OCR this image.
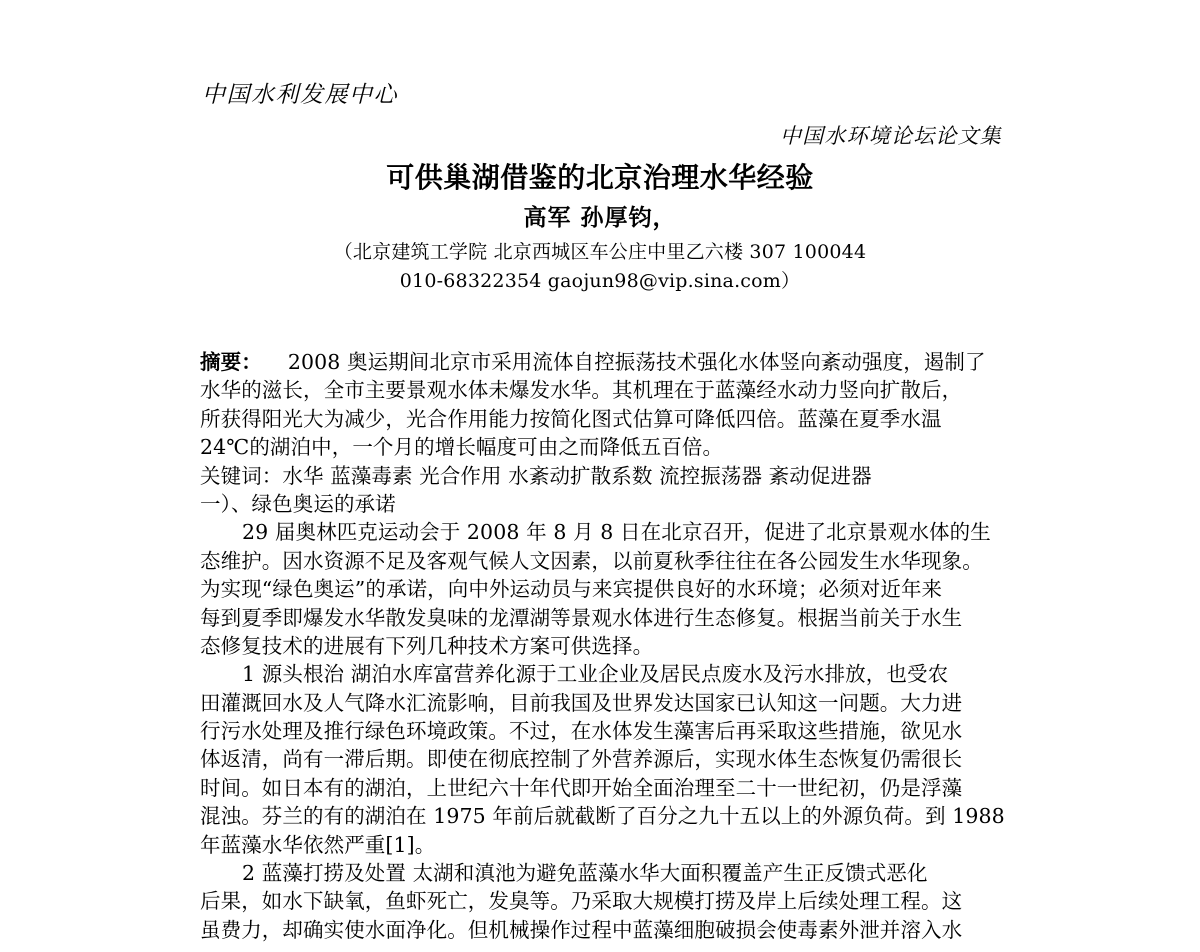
中国水利发展中心
中国水环境论坛论文集
可供巢湖借鉴的北京治理水华经验
高军 孙厚钧，
（北京建筑工学院 北京西城区车公庄中里乙六楼 307 100044
010-68322354 gaojun98@vip.sina.com）
摘要： 2008 奥运期间北京市采用流体自控振荡技术强化水体竖向紊动强度，遏制了
水华的滋长，全市主要景观水体未爆发水华。其机理在于蓝藻经水动力竖向扩散后，
所获得阳光大为减少，光合作用能力按简化图式估算可降低四倍。蓝藻在夏季水温
24℃的湖泊中，一个月的增长幅度可由之而降低五百倍。
关键词：水华 蓝藻毒素 光合作用 水紊动扩散系数 流控振荡器 紊动促进器
一）、绿色奥运的承诺
29 届奥林匹克运动会于 2008 年 8 月 8 日在北京召开，促进了北京景观水体的生
态维护。因水资源不足及客观气候人文因素，以前夏秋季往往在各公园发生水华现象。
为实现“绿色奥运”的承诺，向中外运动员与来宾提供良好的水环境；必须对近年来
每到夏季即爆发水华散发臭味的龙潭湖等景观水体进行生态修复。根据当前关于水生
态修复技术的进展有下列几种技术方案可供选择。
1 源头根治 湖泊水库富营养化源于工业企业及居民点废水及污水排放，也受农
田灌溉回水及人气降水汇流影响，目前我国及世界发达国家已认知这一问题。大力进
行污水处理及推行绿色环境政策。不过，在水体发生藻害后再采取这些措施，欲见水
体返清，尚有一滞后期。即使在彻底控制了外营养源后，实现水体生态恢复仍需很长
时间。如日本有的湖泊，上世纪六十年代即开始全面治理至二十一世纪初，仍是浮藻
混浊。芬兰的有的湖泊在 1975 年前后就截断了百分之九十五以上的外源负荷。到 1988
年蓝藻水华依然严重[1]。
2 蓝藻打捞及处置 太湖和滇池为避免蓝藻水华大面积覆盖产生正反馈式恶化
后果，如水下缺氧，鱼虾死亡，发臭等。乃采取大规模打捞及岸上后续处理工程。这
虽费力，却确实使水面净化。但机械操作过程中蓝藻细胞破损会使毒素外泄并溶入水
